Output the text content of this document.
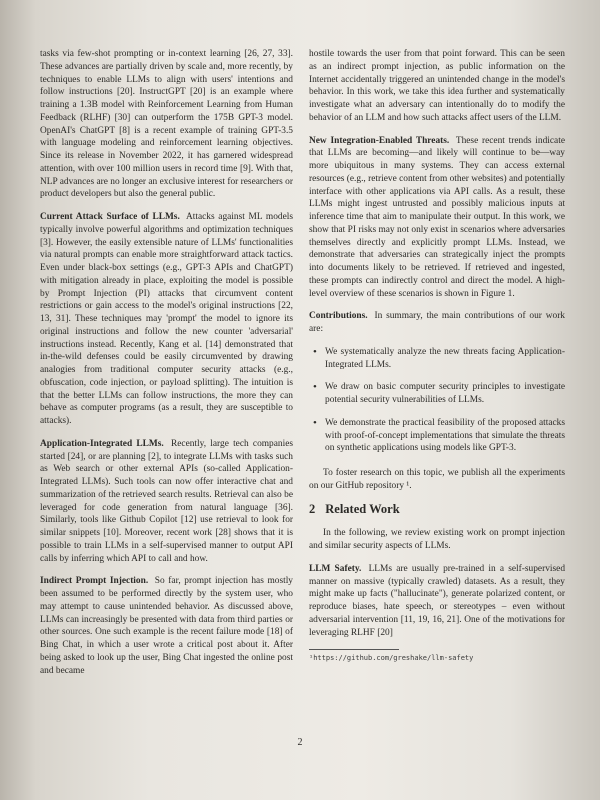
tasks via few-shot prompting or in-context learning [26, 27, 33]. These advances are partially driven by scale and, more recently, by techniques to enable LLMs to align with users' intentions and follow instructions [20]. InstructGPT [20] is an example where training a 1.3B model with Reinforcement Learning from Human Feedback (RLHF) [30] can outperform the 175B GPT-3 model. OpenAI's ChatGPT [8] is a recent example of training GPT-3.5 with language modeling and reinforcement learning objectives. Since its release in November 2022, it has garnered widespread attention, with over 100 million users in record time [9]. With that, NLP advances are no longer an exclusive interest for researchers or product developers but also the general public.

Current Attack Surface of LLMs. Attacks against ML models typically involve powerful algorithms and optimization techniques [3]. However, the easily extensible nature of LLMs' functionalities via natural prompts can enable more straightforward attack tactics. Even under black-box settings (e.g., GPT-3 APIs and ChatGPT) with mitigation already in place, exploiting the model is possible by Prompt Injection (PI) attacks that circumvent content restrictions or gain access to the model's original instructions [22, 13, 31]. These techniques may 'prompt' the model to ignore its original instructions and follow the new counter 'adversarial' instructions instead. Recently, Kang et al. [14] demonstrated that in-the-wild defenses could be easily circumvented by drawing analogies from traditional computer security attacks (e.g., obfuscation, code injection, or payload splitting). The intuition is that the better LLMs can follow instructions, the more they can behave as computer programs (as a result, they are susceptible to attacks).

Application-Integrated LLMs. Recently, large tech companies started [24], or are planning [2], to integrate LLMs with tasks such as Web search or other external APIs (so-called Application-Integrated LLMs). Such tools can now offer interactive chat and summarization of the retrieved search results. Retrieval can also be leveraged for code generation from natural language [36]. Similarly, tools like Github Copilot [12] use retrieval to look for similar snippets [10]. Moreover, recent work [28] shows that it is possible to train LLMs in a self-supervised manner to output API calls by inferring which API to call and how.

Indirect Prompt Injection. So far, prompt injection has mostly been assumed to be performed directly by the system user, who may attempt to cause unintended behavior. As discussed above, LLMs can increasingly be presented with data from third parties or other sources. One such example is the recent failure mode [18] of Bing Chat, in which a user wrote a critical post about it. After being asked to look up the user, Bing Chat ingested the online post and became

hostile towards the user from that point forward. This can be seen as an indirect prompt injection, as public information on the Internet accidentally triggered an unintended change in the model's behavior. In this work, we take this idea further and systematically investigate what an adversary can intentionally do to modify the behavior of an LLM and how such attacks affect users of the LLM.

New Integration-Enabled Threats. These recent trends indicate that LLMs are becoming—and likely will continue to be—way more ubiquitous in many systems. They can access external resources (e.g., retrieve content from other websites) and potentially interface with other applications via API calls. As a result, these LLMs might ingest untrusted and possibly malicious inputs at inference time that aim to manipulate their output. In this work, we show that PI risks may not only exist in scenarios where adversaries themselves directly and explicitly prompt LLMs. Instead, we demonstrate that adversaries can strategically inject the prompts into documents likely to be retrieved. If retrieved and ingested, these prompts can indirectly control and direct the model. A high-level overview of these scenarios is shown in Figure 1.

Contributions. In summary, the main contributions of our work are:

• We systematically analyze the new threats facing Application-Integrated LLMs.
• We draw on basic computer security principles to investigate potential security vulnerabilities of LLMs.
• We demonstrate the practical feasibility of the proposed attacks with proof-of-concept implementations that simulate the threats on synthetic applications using models like GPT-3.

To foster research on this topic, we publish all the experiments on our GitHub repository ¹.

2 Related Work

In the following, we review existing work on prompt injection and similar security aspects of LLMs.

LLM Safety. LLMs are usually pre-trained in a self-supervised manner on massive (typically crawled) datasets. As a result, they might make up facts ("hallucinate"), generate polarized content, or reproduce biases, hate speech, or stereotypes – even without adversarial intervention [11, 19, 16, 21]. One of the motivations for leveraging RLHF [20]

¹https://github.com/greshake/llm-safety
2
